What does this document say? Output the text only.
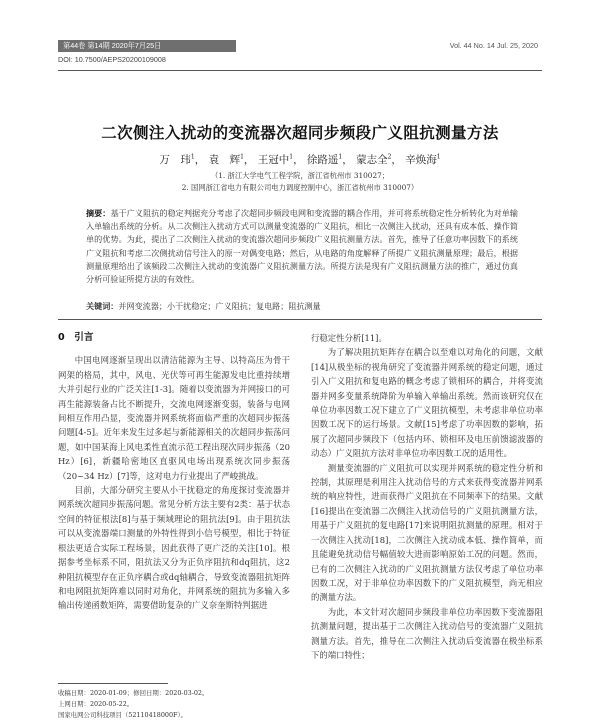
第44卷 第14期 2020年7月25日	Vol. 44 No. 14 Jul. 25, 2020
DOI: 10.7500/AEPS20200109008
二次侧注入扰动的变流器次超同步频段广义阻抗测量方法
万　玮$^1$， 袁　辉$^1$， 王冠中$^1$， 徐路遥$^1$， 蒙志全$^2$， 辛焕海$^1$
（1. 浙江大学电气工程学院，浙江省杭州市 310027；
2. 国网浙江省电力有限公司电力调度控制中心，浙江省杭州市 310007）
摘要：基于广义阻抗的稳定判据充分考虑了次超同步频段电网和变流器的耦合作用，并可将系统稳定性分析转化为对单输入单输出系统的分析。从二次侧注入扰动方式可以测量变流器的广义阻抗，相比一次侧注入扰动，还具有成本低、操作简单的优势。为此，提出了二次侧注入扰动的变流器次超同步频段广义阻抗测量方法。首先，推导了任意功率因数下的系统广义阻抗和考虑二次侧扰动信号注入的原一对偶变电路；然后，从电路的角度解释了所提广义阻抗测量原理；最后，根据测量原理给出了该频段二次侧注入扰动的变流器广义阻抗测量方法。所提方法是现有广义阻抗测量方法的推广，通过仿真分析可验证所提方法的有效性。
关键词：并网变流器；小干扰稳定；广义阻抗；复电路；阻抗测量
0　引言

中国电网逐渐呈现出以清洁能源为主导、以特高压为骨干网架的格局，其中，风电、光伏等可再生能源发电比重持续增大并引起行业的广泛关注[1-3]。随着以变流器为并网接口的可再生能源装备占比不断提升，交流电网逐渐变弱，装备与电网间相互作用凸显，变流器并网系统将面临严重的次超同步振荡问题[4-5]。近年来发生过多起与新能源相关的次超同步振荡问题，如中国某海上风电柔性直流示范工程出现次同步振荡（20 Hz）[6]，新疆哈密地区直驱风电场出现系统次同步振荡（20~34 Hz）[7]等，这对电力行业提出了严峻挑战。

目前，大部分研究主要从小干扰稳定的角度探讨变流器并网系统次超同步振荡问题。常见分析方法主要有2类：基于状态空间的特征根法[8]与基于频域理论的阻抗法[9]。由于阻抗法可以从变流器端口测量的外特性得到小信号模型，相比于特征根法更适合实际工程场景，因此获得了更广泛的关注[10]。根据参考坐标系不同，阻抗法又分为正负序阻抗和dq阻抗，这2种阻抗模型存在正负序耦合或dq轴耦合，导致变流器阻抗矩阵和电网阻抗矩阵难以同时对角化，并网系统的阻抗为多输入多输出传递函数矩阵，需要借助复杂的广义奈奎斯特判据进

行稳定性分析[11]。

为了解决阻抗矩阵存在耦合以至难以对角化的问题，文献[14]从极坐标的视角研究了变流器并网系统的稳定问题，通过引入广义阻抗和复电路的概念考虑了锁相环的耦合，并将变流器并网多变量系统降阶为单输入单输出系统。然而该研究仅在单位功率因数工况下建立了广义阻抗模型，未考虑非单位功率因数工况下的运行场景。文献[15]考虑了功率因数的影响，拓展了次超同步频段下（包括内环、锁相环及电压前馈滤波器的动态）广义阻抗方法对非单位功率因数工况的适用性。

测量变流器的广义阻抗可以实现并网系统的稳定性分析和控制，其原理是利用注入扰动信号的方式来获得变流器并网系统的响应特性，进而获得广义阻抗在不同频率下的结果。文献[16]提出在变流器二次侧注入扰动信号的广义阻抗测量方法，用基于广义阻抗的复电路[17]来说明阻抗测量的原理。相对于一次侧注入扰动[18]，二次侧注入扰动成本低、操作简单，而且能避免扰动信号幅值较大进而影响原始工况的问题。然而，已有的二次侧注入扰动的广义阻抗测量方法仅考虑了单位功率因数工况，对于非单位功率因数下的广义阻抗模型，尚无相应的测量方法。

为此，本文针对次超同步频段非单位功率因数下变流器阻抗测量问题，提出基于二次侧注入扰动信号的变流器广义阻抗测量方法。首先，推导在二次侧注入扰动后变流器在极坐标系下的端口特性；

收稿日期：2020-01-09；修回日期：2020-03-02。
上网日期：2020-05-22。
国家电网公司科技项目（52110418000F）。
